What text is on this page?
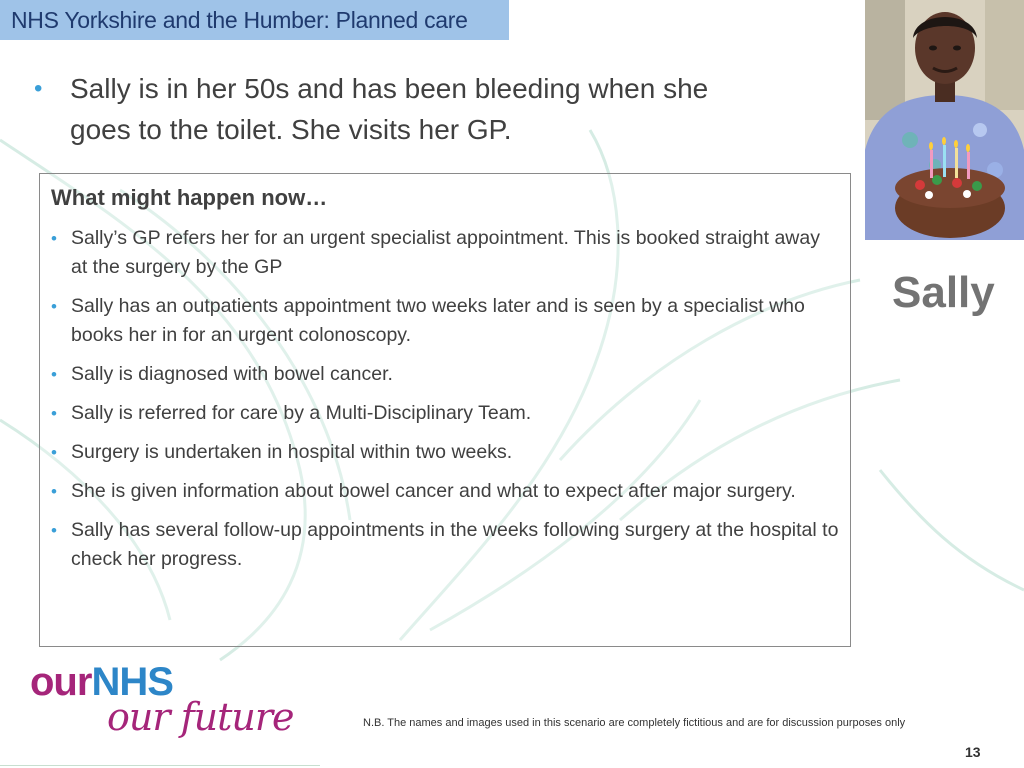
NHS Yorkshire and the Humber: Planned care
• Sally is in her 50s and has been bleeding when she goes to the toilet. She visits her GP.
What might happen now…
• Sally’s GP refers her for an urgent specialist appointment. This is booked straight away at the surgery by the GP
• Sally has an outpatients appointment two weeks later and is seen by a specialist who books her in for an urgent colonoscopy.
• Sally is diagnosed with bowel cancer.
• Sally is referred for care by a Multi-Disciplinary Team.
• Surgery is undertaken in hospital within two weeks.
• She is given information about bowel cancer and what to expect after major surgery.
• Sally has several follow-up appointments in the weeks following surgery at the hospital to check her progress.
Sally
ourNHS
our future	N.B. The names and images used in this scenario are completely fictitious and are for discussion purposes only
13
